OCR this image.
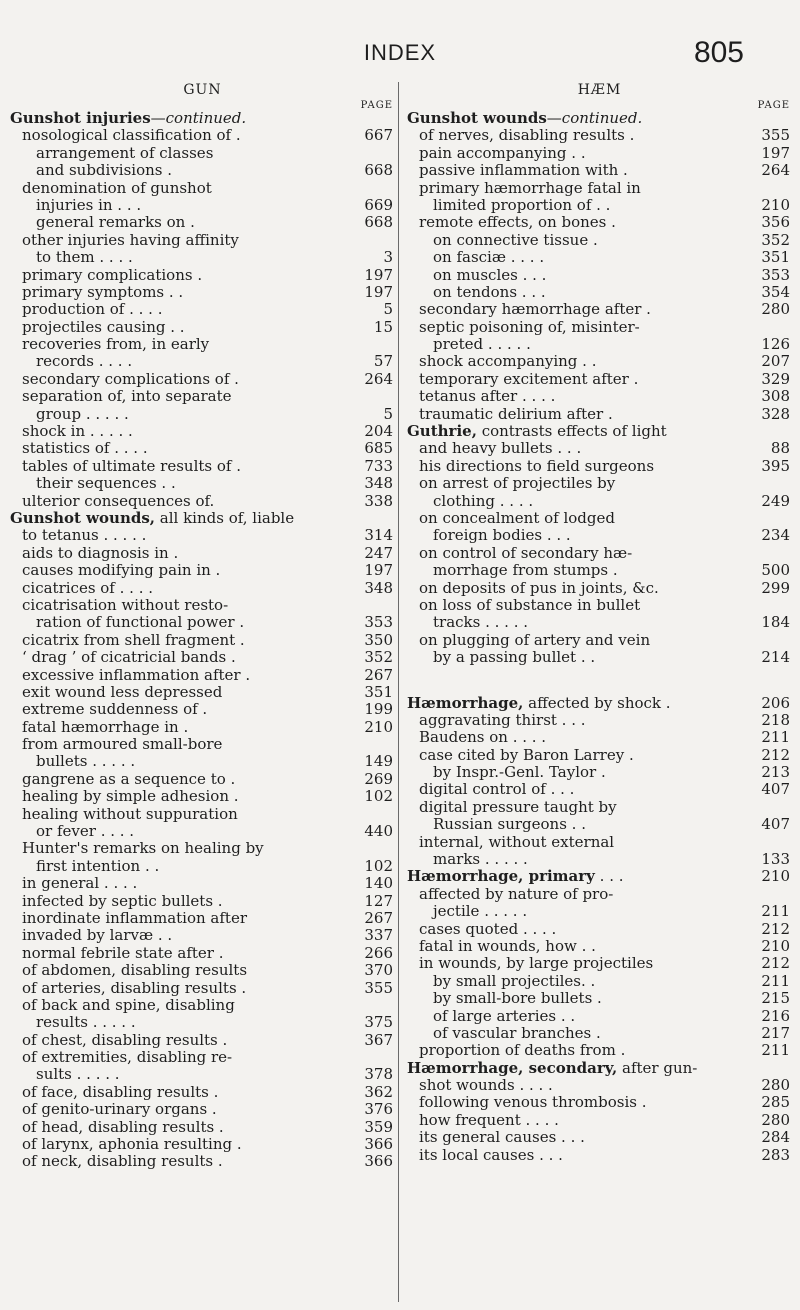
INDEX	805
GUN
PAGE
Gunshot injuries—continued.
nosological classification of .	667
arrangement of classes
and subdivisions .	668
denomination of gunshot
injuries in . . .	669
general remarks on .	668
other injuries having affinity
to them . . . .	3
primary complications .	197
primary symptoms . .	197
production of . . . .	5
projectiles causing . .	15
recoveries from, in early
records . . . .	57
secondary complications of .	264
separation of, into separate
group . . . . .	5
shock in . . . . .	204
statistics of . . . .	685
tables of ultimate results of .	733
their sequences . .	348
ulterior consequences of.	338
Gunshot wounds, all kinds of, liable
to tetanus . . . . .	314
aids to diagnosis in .	247
causes modifying pain in .	197
cicatrices of . . . .	348
cicatrisation without resto-
ration of functional power .	353
cicatrix from shell fragment .	350
‘ drag ’ of cicatricial bands .	352
excessive inflammation after .	267
exit wound less depressed	351
extreme suddenness of .	199
fatal hæmorrhage in .	210
from armoured small-bore
bullets . . . . .	149
gangrene as a sequence to .	269
healing by simple adhesion .	102
healing without suppuration
or fever . . . .	440
Hunter's remarks on healing by
first intention . .	102
in general . . . .	140
infected by septic bullets .	127
inordinate inflammation after	267
invaded by larvæ . .	337
normal febrile state after .	266
of abdomen, disabling results	370
of arteries, disabling results .	355
of back and spine, disabling
results . . . . .	375
of chest, disabling results .	367
of extremities, disabling re-
sults . . . . .	378
of face, disabling results .	362
of genito-urinary organs .	376
of head, disabling results .	359
of larynx, aphonia resulting .	366
of neck, disabling results .	366
HÆM
PAGE
Gunshot wounds—continued.
of nerves, disabling results .	355
pain accompanying . .	197
passive inflammation with .	264
primary hæmorrhage fatal in
limited proportion of . .	210
remote effects, on bones .	356
on connective tissue .	352
on fasciæ . . . .	351
on muscles . . .	353
on tendons . . .	354
secondary hæmorrhage after .	280
septic poisoning of, misinter-
preted . . . . .	126
shock accompanying . .	207
temporary excitement after .	329
tetanus after . . . .	308
traumatic delirium after .	328
Guthrie, contrasts effects of light
and heavy bullets . . .	88
his directions to field surgeons	395
on arrest of projectiles by
clothing . . . .	249
on concealment of lodged
foreign bodies . . .	234
on control of secondary hæ-
morrhage from stumps .	500
on deposits of pus in joints, &c.	299
on loss of substance in bullet
tracks . . . . .	184
on plugging of artery and vein
by a passing bullet . .	214
Hæmorrhage, affected by shock .	206
aggravating thirst . . .	218
Baudens on . . . .	211
case cited by Baron Larrey .	212
by Inspr.-Genl. Taylor .	213
digital control of . . .	407
digital pressure taught by
Russian surgeons . .	407
internal, without external
marks . . . . .	133
Hæmorrhage, primary . . .	210
affected by nature of pro-
jectile . . . . .	211
cases quoted . . . .	212
fatal in wounds, how . .	210
in wounds, by large projectiles	212
by small projectiles. .	211
by small-bore bullets .	215
of large arteries . .	216
of vascular branches .	217
proportion of deaths from .	211
Hæmorrhage, secondary, after gun-
shot wounds . . . .	280
following venous thrombosis .	285
how frequent . . . .	280
its general causes . . .	284
its local causes . . .	283
